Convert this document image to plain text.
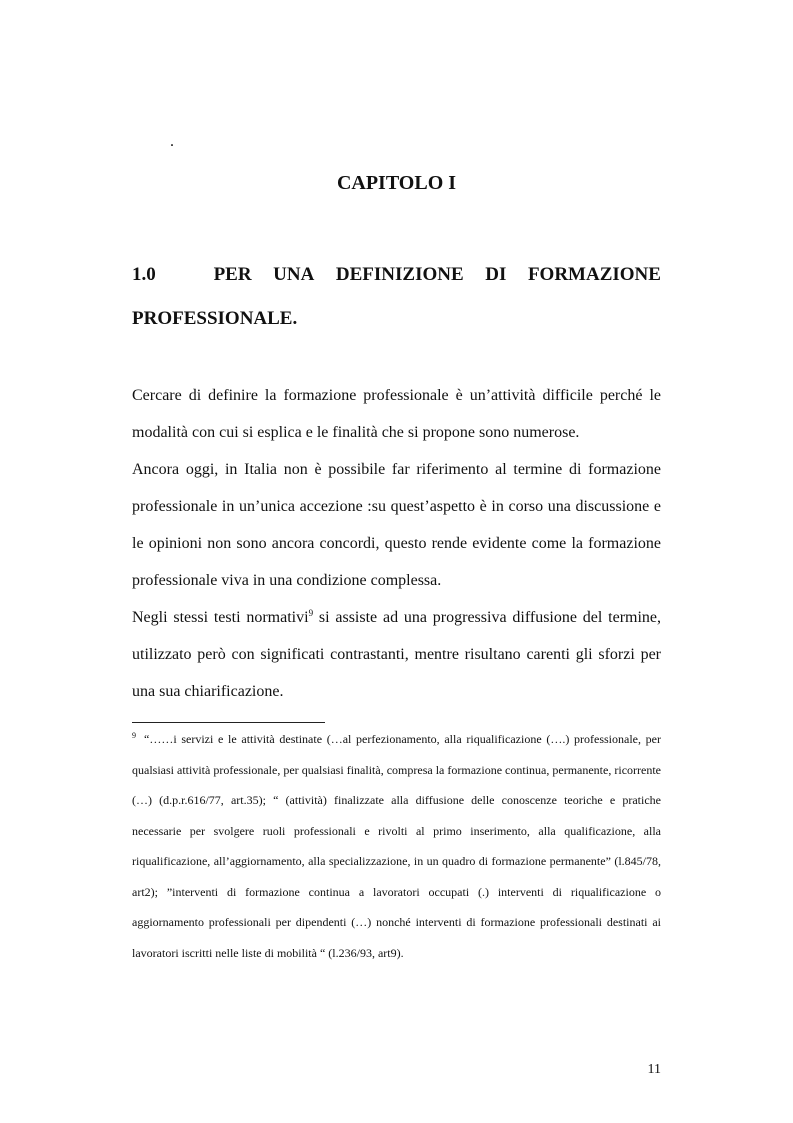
.
CAPITOLO I
1.0	PER UNA DEFINIZIONE DI FORMAZIONE
PROFESSIONALE.

Cercare di definire la formazione professionale è un’attività difficile perché le modalità con cui si esplica e le finalità che si propone sono numerose.

Ancora oggi, in Italia non è possibile far riferimento al termine di formazione professionale in un’unica accezione :su quest’aspetto è in corso una discussione e le opinioni non sono ancora concordi, questo rende evidente come la formazione professionale viva in una condizione complessa.

Negli stessi testi normativi$^9$ si assiste ad una progressiva diffusione del termine, utilizzato però con significati contrastanti, mentre risultano carenti gli sforzi per una sua chiarificazione.

$^9$ “……i servizi e le attività destinate (…al perfezionamento, alla riqualificazione (….) professionale, per qualsiasi attività professionale, per qualsiasi finalità, compresa la formazione continua, permanente, ricorrente (…) (d.p.r.616/77, art.35); “ (attività) finalizzate alla diffusione delle conoscenze teoriche e pratiche necessarie per svolgere ruoli professionali e rivolti al primo inserimento, alla qualificazione, alla riqualificazione, all’aggiornamento, alla specializzazione, in un quadro di formazione permanente” (l.845/78, art2); ”interventi di formazione continua a lavoratori occupati (.) interventi di riqualificazione o aggiornamento professionali per dipendenti (…) nonché interventi di formazione professionali destinati ai lavoratori iscritti nelle liste di mobilità “ (l.236/93, art9).

11
